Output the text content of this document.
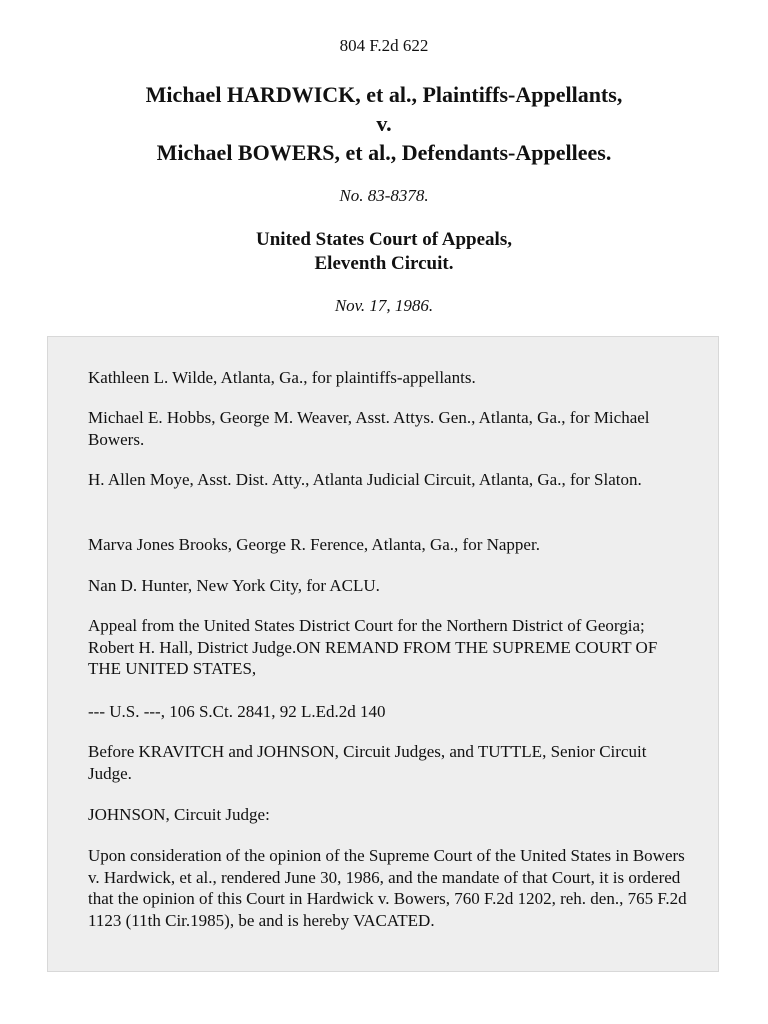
804 F.2d 622
Michael HARDWICK, et al., Plaintiffs-Appellants,
v.
Michael BOWERS, et al., Defendants-Appellees.
No. 83-8378.
United States Court of Appeals,
Eleventh Circuit.
Nov. 17, 1986.

Kathleen L. Wilde, Atlanta, Ga., for plaintiffs-appellants.

Michael E. Hobbs, George M. Weaver, Asst. Attys. Gen., Atlanta, Ga., for Michael Bowers.

H. Allen Moye, Asst. Dist. Atty., Atlanta Judicial Circuit, Atlanta, Ga., for Slaton.

Marva Jones Brooks, George R. Ference, Atlanta, Ga., for Napper.

Nan D. Hunter, New York City, for ACLU.

Appeal from the United States District Court for the Northern District of Georgia; Robert H. Hall, District Judge.ON REMAND FROM THE SUPREME COURT OF THE UNITED STATES,

--- U.S. ---, 106 S.Ct. 2841, 92 L.Ed.2d 140

Before KRAVITCH and JOHNSON, Circuit Judges, and TUTTLE, Senior Circuit Judge.

JOHNSON, Circuit Judge:

Upon consideration of the opinion of the Supreme Court of the United States in Bowers v. Hardwick, et al., rendered June 30, 1986, and the mandate of that Court, it is ordered that the opinion of this Court in Hardwick v. Bowers, 760 F.2d 1202, reh. den., 765 F.2d 1123 (11th Cir.1985), be and is hereby VACATED.
